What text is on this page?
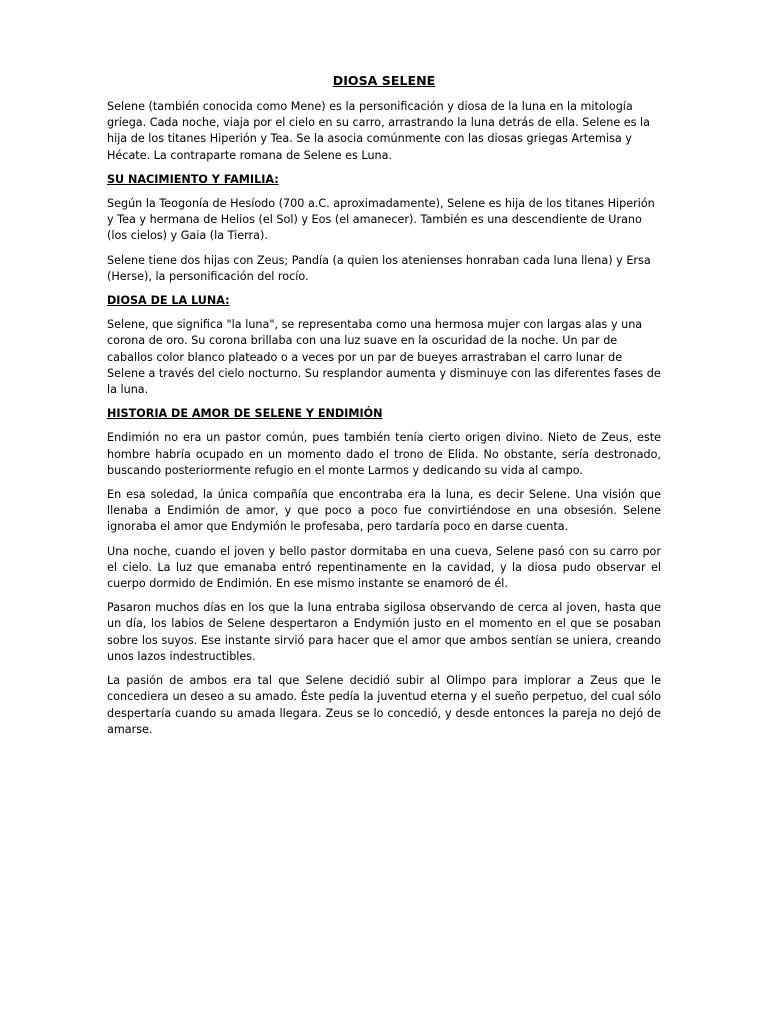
DIOSA SELENE

Selene (también conocida como Mene) es la personificación y diosa de la luna en la mitología griega. Cada noche, viaja por el cielo en su carro, arrastrando la luna detrás de ella. Selene es la hija de los titanes Hiperión y Tea. Se la asocia comúnmente con las diosas griegas Artemisa y Hécate. La contraparte romana de Selene es Luna.

SU NACIMIENTO Y FAMILIA:

Según la Teogonía de Hesíodo (700 a.C. aproximadamente), Selene es hija de los titanes Hiperión y Tea y hermana de Helios (el Sol) y Eos (el amanecer). También es una descendiente de Urano (los cielos) y Gaia (la Tierra).

Selene tiene dos hijas con Zeus; Pandía (a quien los atenienses honraban cada luna llena) y Ersa (Herse), la personificación del rocío.

DIOSA DE LA LUNA:

Selene, que significa "la luna", se representaba como una hermosa mujer con largas alas y una corona de oro. Su corona brillaba con una luz suave en la oscuridad de la noche. Un par de caballos color blanco plateado o a veces por un par de bueyes arrastraban el carro lunar de Selene a través del cielo nocturno. Su resplandor aumenta y disminuye con las diferentes fases de la luna.

HISTORIA DE AMOR DE SELENE Y ENDIMIÓN

Endimión no era un pastor común, pues también tenía cierto origen divino. Nieto de Zeus, este hombre habría ocupado en un momento dado el trono de Elida. No obstante, sería destronado, buscando posteriormente refugio en el monte Larmos y dedicando su vida al campo.

En esa soledad, la única compañía que encontraba era la luna, es decir Selene. Una visión que llenaba a Endimión de amor, y que poco a poco fue convirtiéndose en una obsesión. Selene ignoraba el amor que Endymión le profesaba, pero tardaría poco en darse cuenta.

Una noche, cuando el joven y bello pastor dormitaba en una cueva, Selene pasó con su carro por el cielo. La luz que emanaba entró repentinamente en la cavidad, y la diosa pudo observar el cuerpo dormido de Endimión. En ese mismo instante se enamoró de él.

Pasaron muchos días en los que la luna entraba sigilosa observando de cerca al joven, hasta que un día, los labios de Selene despertaron a Endymión justo en el momento en el que se posaban sobre los suyos. Ese instante sirvió para hacer que el amor que ambos sentían se uniera, creando unos lazos indestructibles.

La pasión de ambos era tal que Selene decidió subir al Olimpo para implorar a Zeus que le concediera un deseo a su amado. Éste pedía la juventud eterna y el sueño perpetuo, del cual sólo despertaría cuando su amada llegara. Zeus se lo concedió, y desde entonces la pareja no dejó de amarse.
